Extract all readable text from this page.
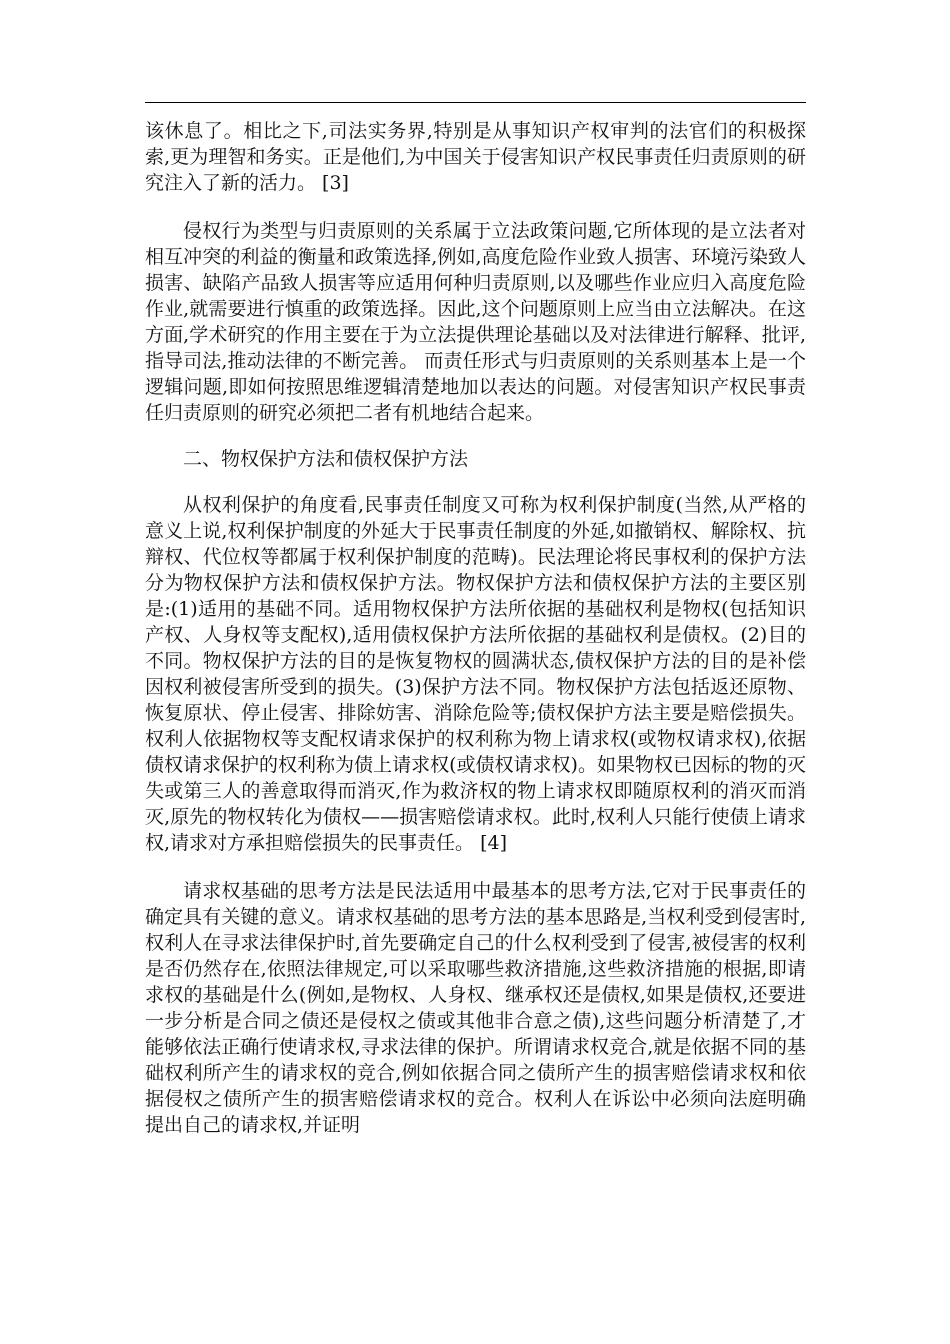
该休息了。相比之下,司法实务界,特别是从事知识产权审判的法官们的积极探索,更为理智和务实。正是他们,为中国关于侵害知识产权民事责任归责原则的研究注入了新的活力。 [3]

侵权行为类型与归责原则的关系属于立法政策问题,它所体现的是立法者对相互冲突的利益的衡量和政策选择,例如,高度危险作业致人损害、环境污染致人损害、缺陷产品致人损害等应适用何种归责原则,以及哪些作业应归入高度危险作业,就需要进行慎重的政策选择。因此,这个问题原则上应当由立法解决。在这方面,学术研究的作用主要在于为立法提供理论基础以及对法律进行解释、批评,指导司法,推动法律的不断完善。 而责任形式与归责原则的关系则基本上是一个逻辑问题,即如何按照思维逻辑清楚地加以表达的问题。对侵害知识产权民事责任归责原则的研究必须把二者有机地结合起来。

二、物权保护方法和债权保护方法

从权利保护的角度看,民事责任制度又可称为权利保护制度(当然,从严格的意义上说,权利保护制度的外延大于民事责任制度的外延,如撤销权、解除权、抗辩权、代位权等都属于权利保护制度的范畴)。民法理论将民事权利的保护方法分为物权保护方法和债权保护方法。物权保护方法和债权保护方法的主要区别是:(1)适用的基础不同。适用物权保护方法所依据的基础权利是物权(包括知识产权、人身权等支配权),适用债权保护方法所依据的基础权利是债权。(2)目的不同。物权保护方法的目的是恢复物权的圆满状态,债权保护方法的目的是补偿因权利被侵害所受到的损失。(3)保护方法不同。物权保护方法包括返还原物、恢复原状、停止侵害、排除妨害、消除危险等;债权保护方法主要是赔偿损失。权利人依据物权等支配权请求保护的权利称为物上请求权(或物权请求权),依据债权请求保护的权利称为债上请求权(或债权请求权)。如果物权已因标的物的灭失或第三人的善意取得而消灭,作为救济权的物上请求权即随原权利的消灭而消灭,原先的物权转化为债权——损害赔偿请求权。此时,权利人只能行使债上请求权,请求对方承担赔偿损失的民事责任。 [4]

请求权基础的思考方法是民法适用中最基本的思考方法,它对于民事责任的确定具有关键的意义。请求权基础的思考方法的基本思路是,当权利受到侵害时,权利人在寻求法律保护时,首先要确定自己的什么权利受到了侵害,被侵害的权利是否仍然存在,依照法律规定,可以采取哪些救济措施,这些救济措施的根据,即请求权的基础是什么(例如,是物权、人身权、继承权还是债权,如果是债权,还要进一步分析是合同之债还是侵权之债或其他非合意之债),这些问题分析清楚了,才能够依法正确行使请求权,寻求法律的保护。所谓请求权竞合,就是依据不同的基础权利所产生的请求权的竞合,例如依据合同之债所产生的损害赔偿请求权和依据侵权之债所产生的损害赔偿请求权的竞合。权利人在诉讼中必须向法庭明确提出自己的请求权,并证明
